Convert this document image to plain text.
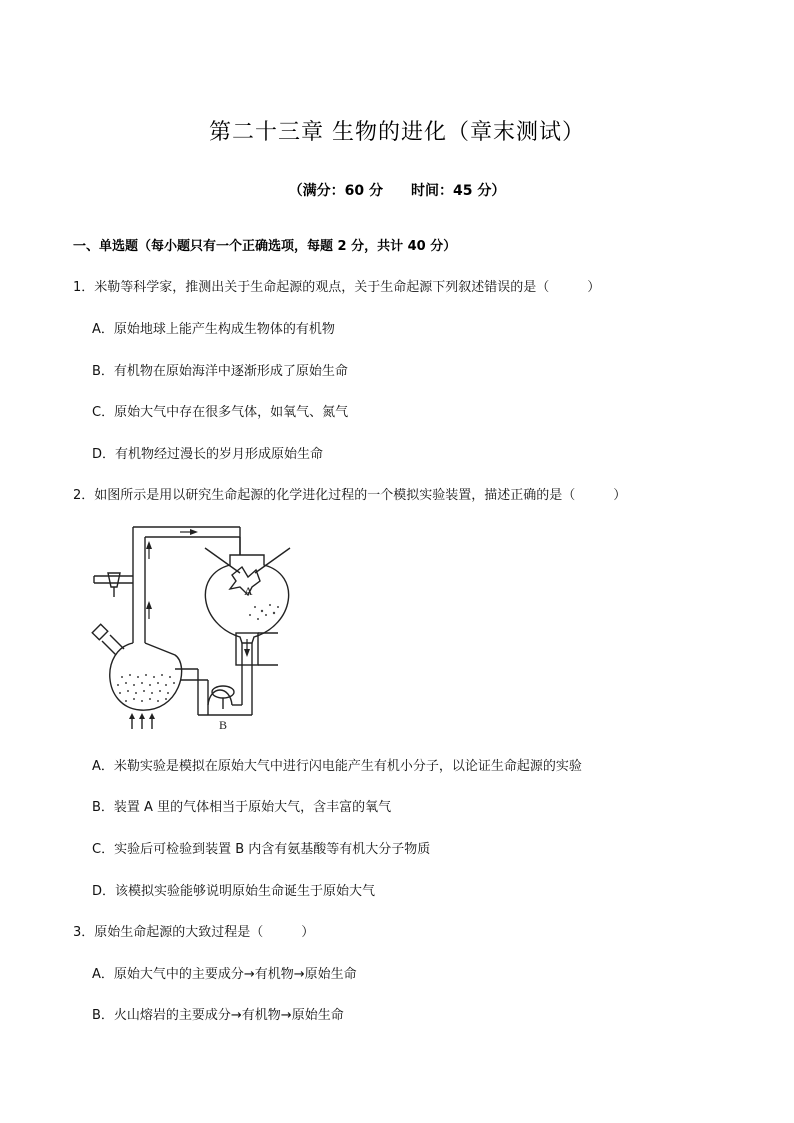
第二十三章 生物的进化（章末测试）
（满分：60 分 时间：45 分）
一、单选题（每小题只有一个正确选项，每题 2 分，共计 40 分）
1．米勒等科学家，推测出关于生命起源的观点，关于生命起源下列叙述错误的是（	）
A．原始地球上能产生构成生物体的有机物
B．有机物在原始海洋中逐渐形成了原始生命
C．原始大气中存在很多气体，如氧气、氮气
D．有机物经过漫长的岁月形成原始生命
2．如图所示是用以研究生命起源的化学进化过程的一个模拟实验装置，描述正确的是（	）
A
B
A．米勒实验是模拟在原始大气中进行闪电能产生有机小分子，以论证生命起源的实验
B．装置 A 里的气体相当于原始大气，含丰富的氧气
C．实验后可检验到装置 B 内含有氨基酸等有机大分子物质
D．该模拟实验能够说明原始生命诞生于原始大气
3．原始生命起源的大致过程是（	）
A．原始大气中的主要成分→有机物→原始生命
B．火山熔岩的主要成分→有机物→原始生命
